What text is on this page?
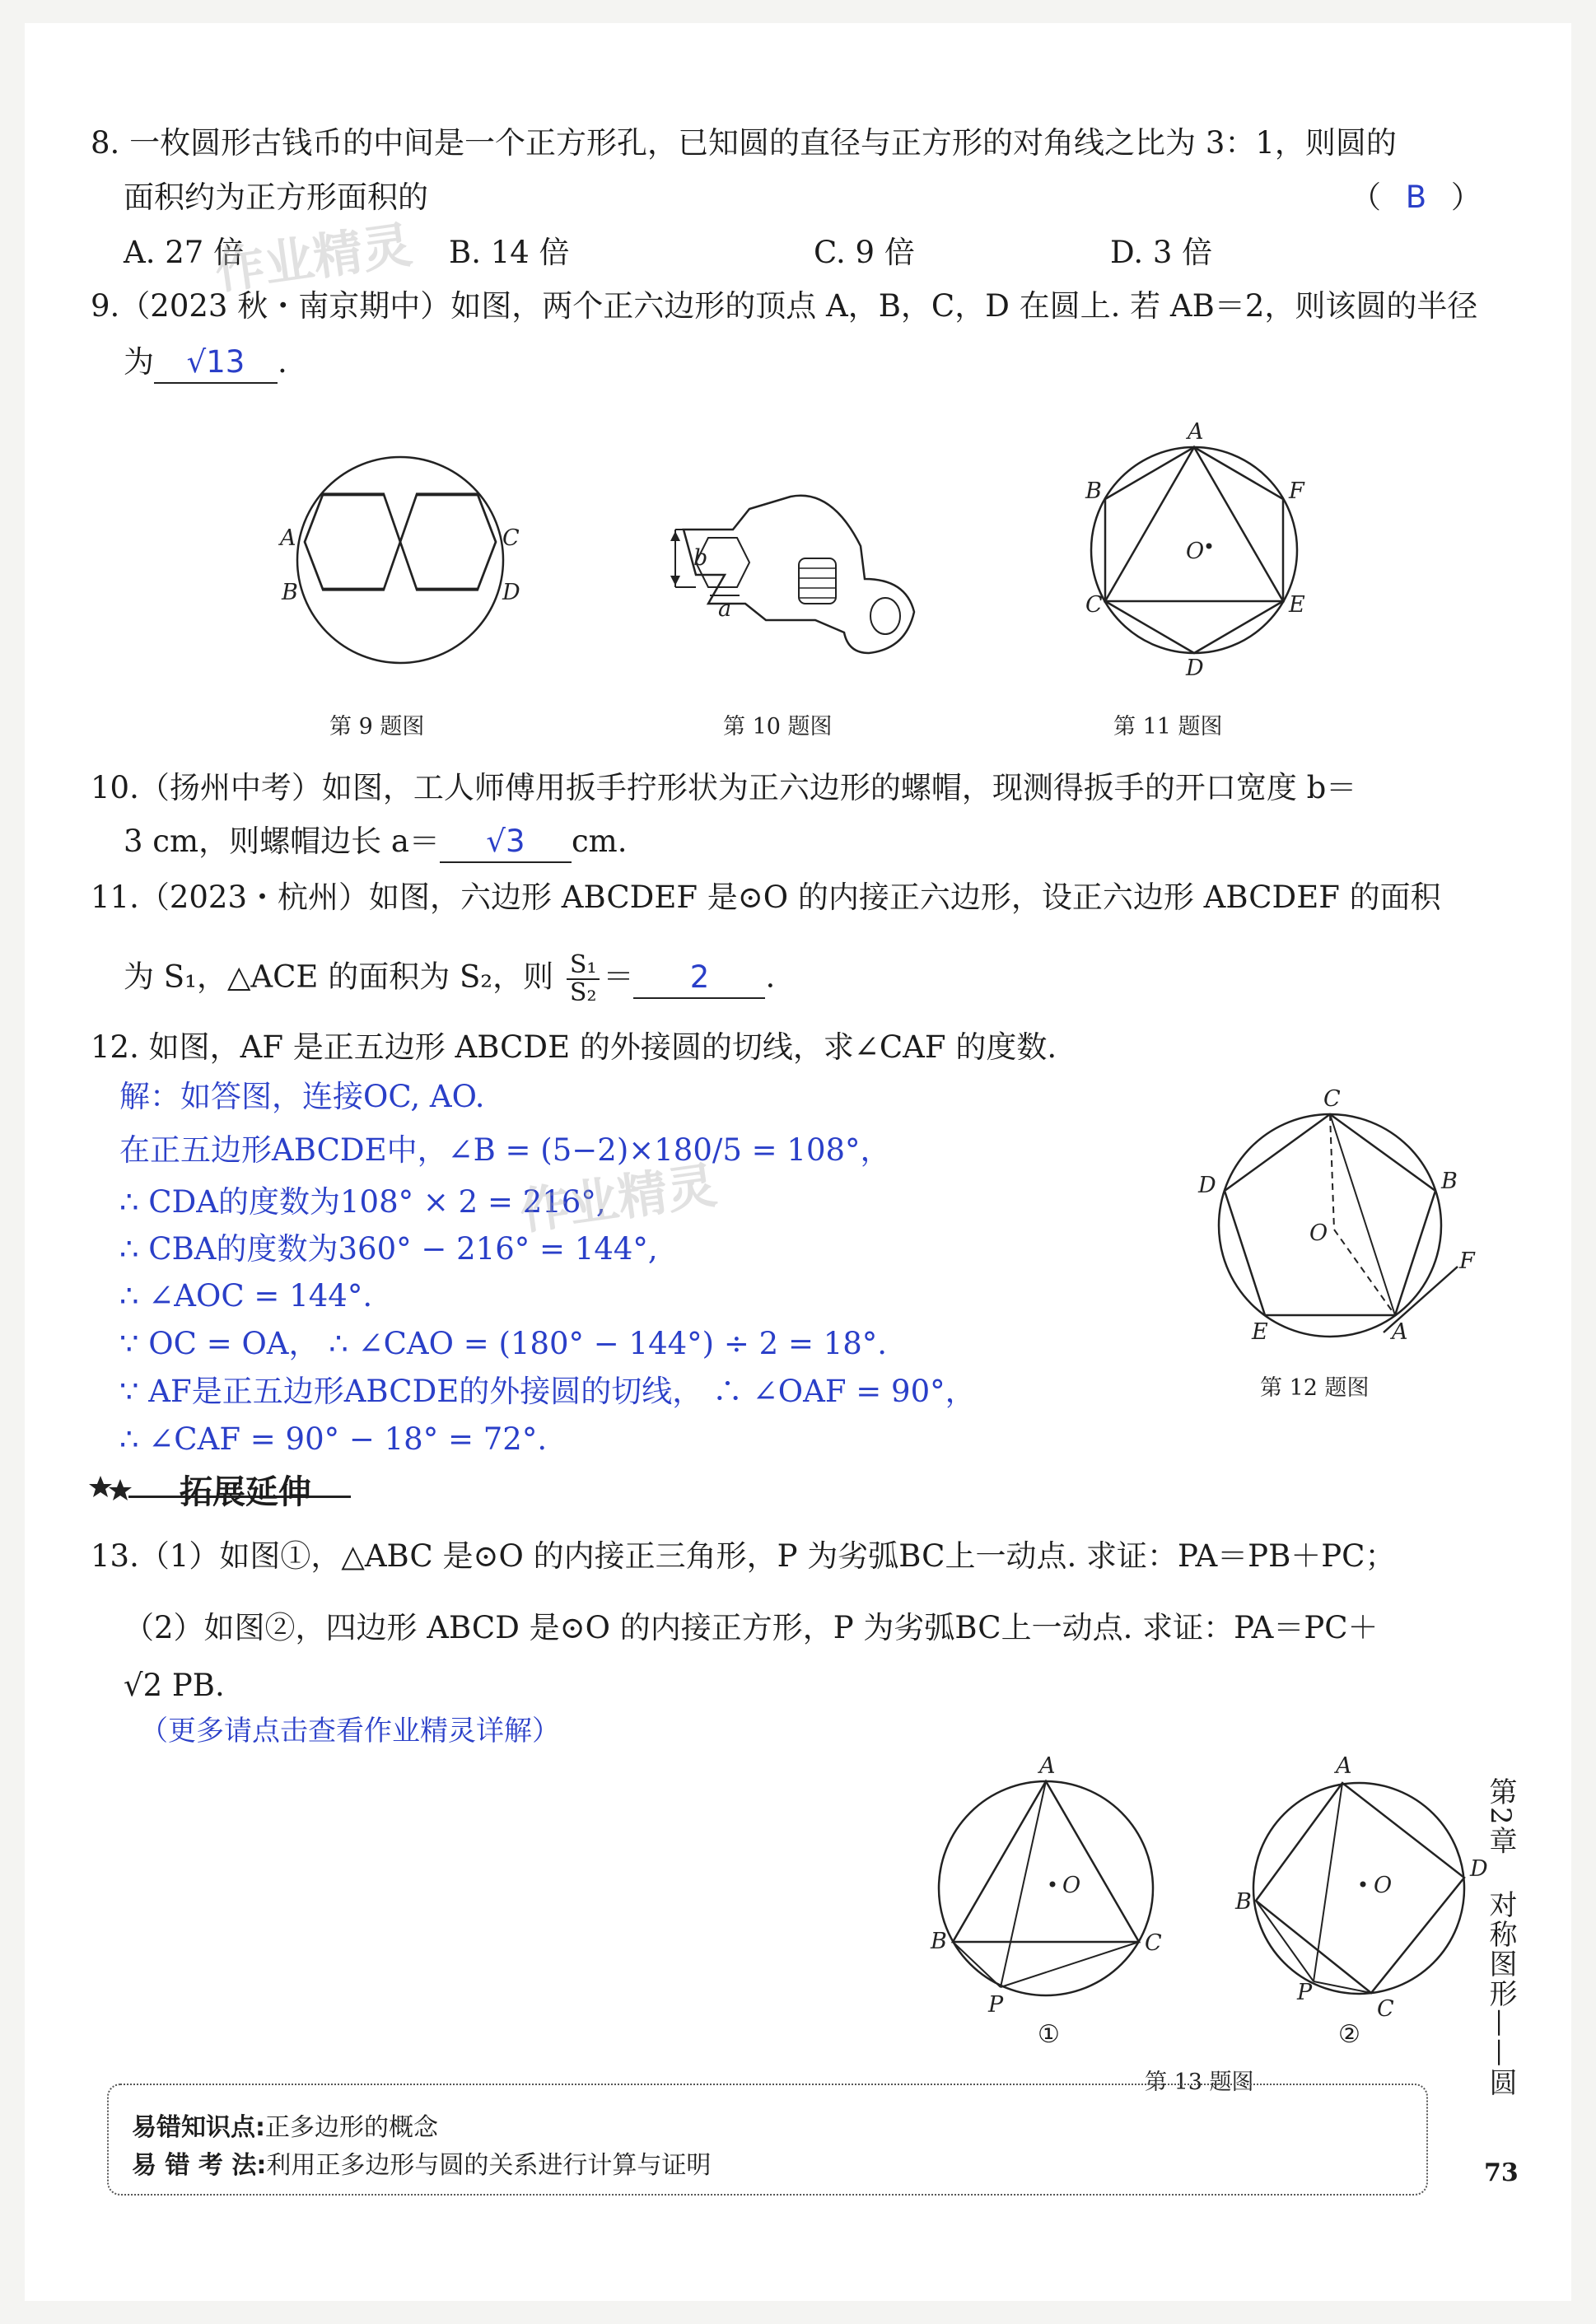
8. 一枚圆形古钱币的中间是一个正方形孔，已知圆的直径与正方形的对角线之比为 3：1，则圆的
面积约为正方形面积的	（ B ）
A. 27 倍	B. 14 倍	C. 9 倍	D. 3 倍
作业精灵
9.（2023 秋・南京期中）如图，两个正六边形的顶点 A，B，C，D 在圆上. 若 AB＝2，则该圆的半径
为 √13 .
A
B
C
D
第 9 题图
b
a
第 10 题图
A
B	F
O
C	E
D
第 11 题图
10.（扬州中考）如图，工人师傅用扳手拧形状为正六边形的螺帽，现测得扳手的开口宽度 b＝
3 cm，则螺帽边长 a＝ √3 cm.
11.（2023・杭州）如图，六边形 ABCDEF 是⊙O 的内接正六边形，设正六边形 ABCDEF 的面积
为 S₁，△ACE 的面积为 S₂，则 $\frac{\text{S₁}}{\text{S₂}} = 2$ .
12. 如图，AF 是正五边形 ABCDE 的外接圆的切线，求∠CAF 的度数.
解：如答图，连接OC, AO.
在正五边形ABCDE中，∠B = (5−2)×180/5 = 108°，
∴ CDA的度数为108° × 2 = 216°,
∴ CBA的度数为360° − 216° = 144°,
∴ ∠AOC = 144°.
∵ OC = OA， ∴ ∠CAO = (180° − 144°) ÷ 2 = 18°.
∵ AF是正五边形ABCDE的外接圆的切线， ∴ ∠OAF = 90°，
∴ ∠CAF = 90° − 18° = 72°.
作业精灵
C
D	B
O
F
E	A
第 12 题图
拓展延伸
13.（1）如图①，△ABC 是⊙O 的内接正三角形，P 为劣弧BC上一动点. 求证：PA＝PB＋PC；
（2）如图②，四边形 ABCD 是⊙O 的内接正方形，P 为劣弧BC上一动点. 求证：PA＝PC＋
√2 PB.
（更多请点击查看作业精灵详解）
A
O
B	C
P
①
A
D
O
B
P
C
②
第 13 题图
第2章  对称图形——圆
易错知识点:正多边形的概念
易 错 考 法:利用正多边形与圆的关系进行计算与证明	73
